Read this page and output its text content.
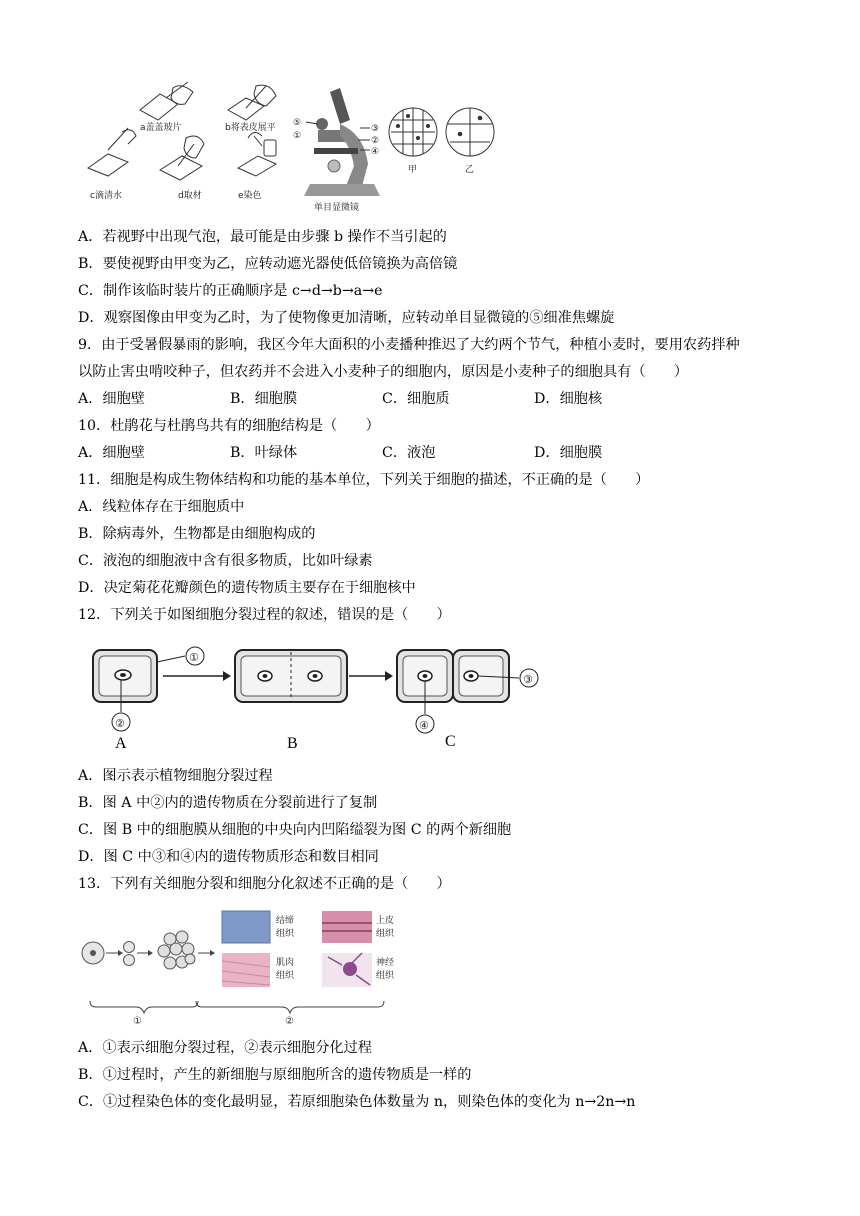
a盖盖玻片	b将表皮展平
c滴清水	d取材	e染色
⑤
①
③
②
④
单目显微镜
甲	乙
A．若视野中出现气泡，最可能是由步骤 b 操作不当引起的
B．要使视野由甲变为乙，应转动遮光器使低倍镜换为高倍镜
C．制作该临时装片的正确顺序是 c→d→b→a→e
D．观察图像由甲变为乙时，为了使物像更加清晰，应转动单目显微镜的⑤细准焦螺旋
9．由于受暑假暴雨的影响，我区今年大面积的小麦播种推迟了大约两个节气，种植小麦时，要用农药拌种
以防止害虫啃咬种子，但农药并不会进入小麦种子的细胞内，原因是小麦种子的细胞具有（　　）
A．细胞壁	B．细胞膜	C．细胞质	D．细胞核
10．杜鹃花与杜鹃鸟共有的细胞结构是（　　）
A．细胞壁	B．叶绿体	C．液泡	D．细胞膜
11．细胞是构成生物体结构和功能的基本单位，下列关于细胞的描述，不正确的是（　　）
A．线粒体存在于细胞质中
B．除病毒外，生物都是由细胞构成的
C．液泡的细胞液中含有很多物质，比如叶绿素
D．决定菊花花瓣颜色的遗传物质主要存在于细胞核中
12．下列关于如图细胞分裂过程的叙述，错误的是（　　）
①
②
A	B
④
③
C
A．图示表示植物细胞分裂过程
B．图 A 中②内的遗传物质在分裂前进行了复制
C．图 B 中的细胞膜从细胞的中央向内凹陷缢裂为图 C 的两个新细胞
D．图 C 中③和④内的遗传物质形态和数目相同
13．下列有关细胞分裂和细胞分化叙述不正确的是（　　）
结缔
组织
上皮
组织
肌肉
组织
神经
组织
①	②
A．①表示细胞分裂过程，②表示细胞分化过程
B．①过程时，产生的新细胞与原细胞所含的遗传物质是一样的
C．①过程染色体的变化最明显，若原细胞染色体数量为 n，则染色体的变化为 n→2n→n
